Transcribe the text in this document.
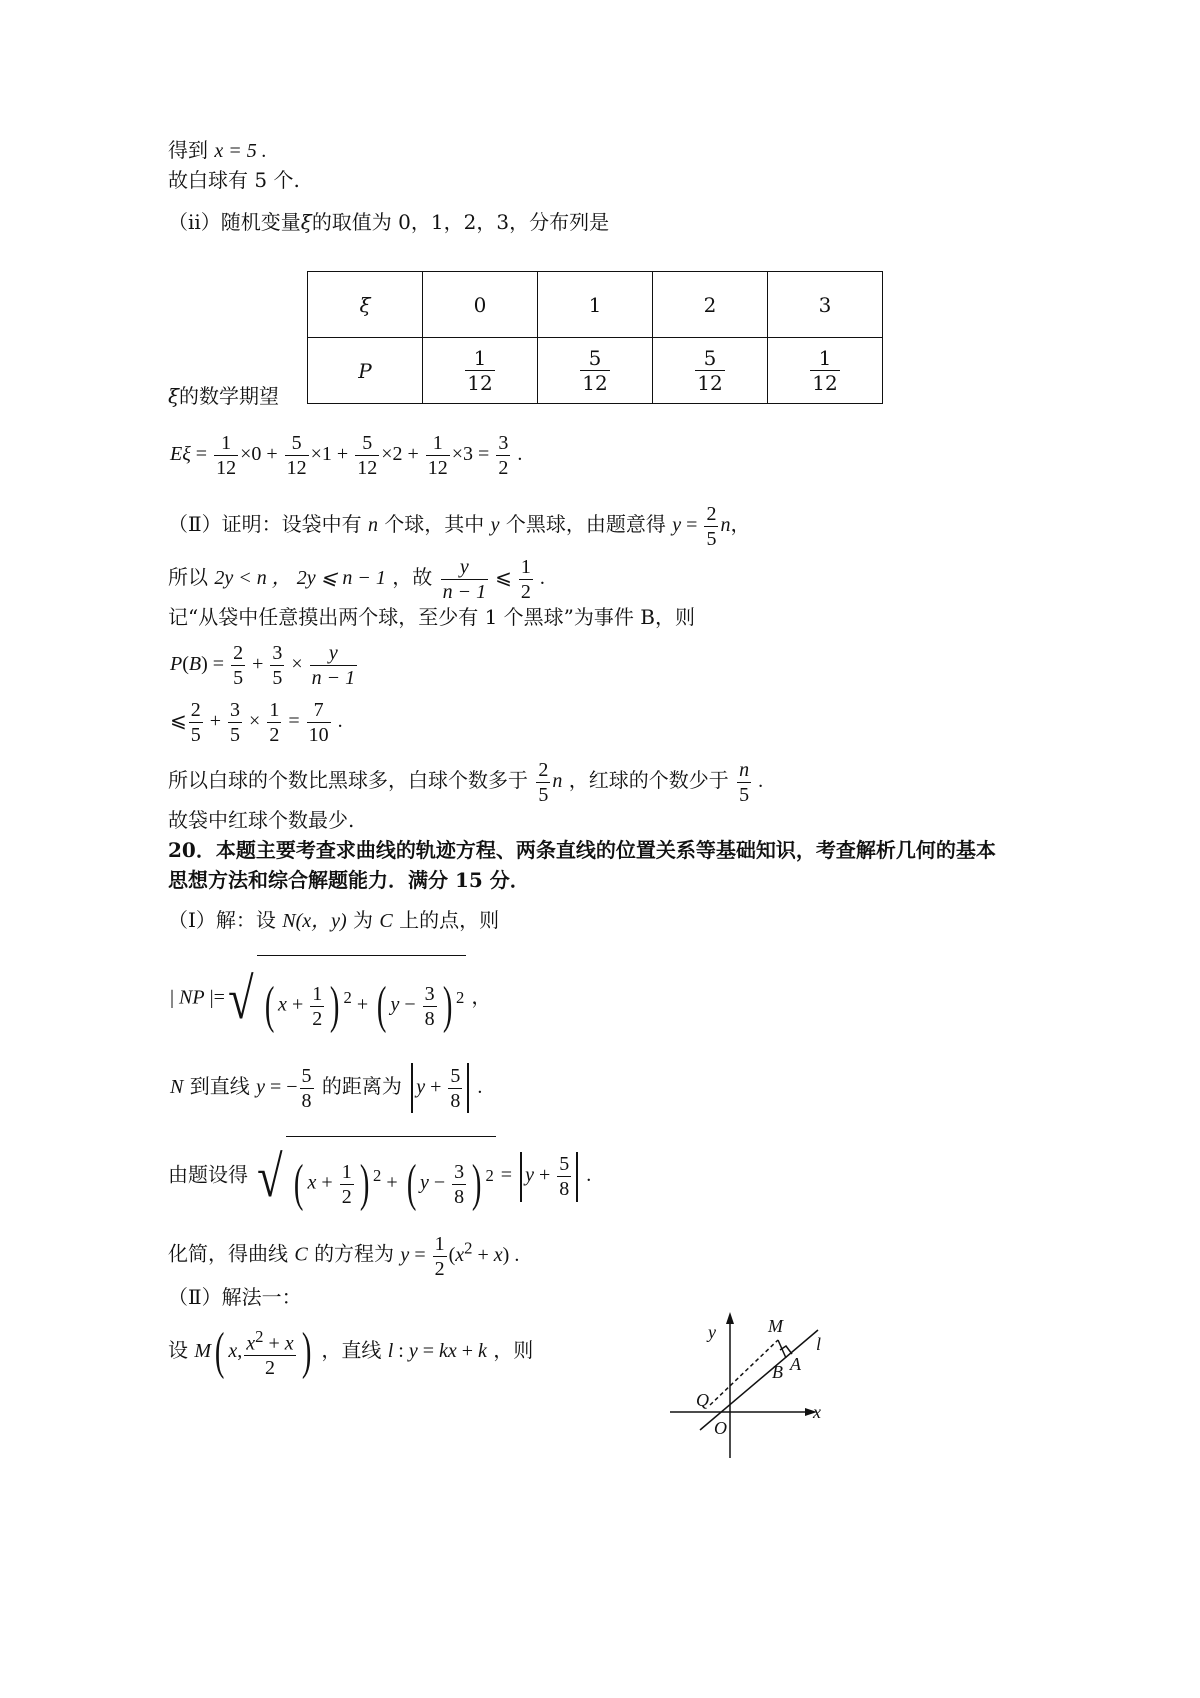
得到 x = 5 .
故白球有 5 个.
（ii）随机变量ξ的取值为 0，1，2，3，分布列是
ξ	0	1	2	3
P	$\frac{1}{12}$	$\frac{5}{12}$	$\frac{5}{12}$	$\frac{1}{12}$
ξ的数学期望
$E\xi = \frac{1}{12} \times 0 + \frac{5}{12} \times 1 + \frac{5}{12} \times 2 + \frac{1}{12} \times 3 = \frac{3}{2}$ .
（Ⅱ）证明：设袋中有 n 个球，其中 y 个黑球，由题意得 $y = \frac{2}{5}$ n，
所以 2y < n ， 2y ⩽ n − 1 ，故 $\frac{y}{n - 1}$ ⩽ $\frac{1}{2}$ .
记“从袋中任意摸出两个球，至少有 1 个黑球”为事件 B，则
$P(B) = \frac{2}{5} + \frac{3}{5} \times \frac{y}{n - 1}$
⩽ $\frac{2}{5} + \frac{3}{5} \times \frac{1}{2} = \frac{7}{10}$ .
所以白球的个数比黑球多，白球个数多于 $\frac{2}{5}$ n ，红球的个数少于 $\frac{n}{5}$ .
故袋中红球个数最少.
20．本题主要考查求曲线的轨迹方程、两条直线的位置关系等基础知识，考查解析几何的基本
思想方法和综合解题能力．满分 15 分．
（Ⅰ）解：设 N(x，y) 为 C 上的点，则
| NP |=√ ( $x + \frac{1}{2}$ ) $^2$ + ( $y - \frac{3}{8}$ ) $^2$ ，
N 到直线 y = − $\frac{5}{8}$ 的距离为 $y + \frac{5}{8}$ .
由题设得 √ ( $x + \frac{1}{2}$ ) $^2$ + ( $y - \frac{3}{8}$ ) $^2 = y + \frac{5}{8}$ .
化简，得曲线 C 的方程为 $y = \frac{1}{2} (x^2 + x)$ .
（Ⅱ）解法一：
设 M( x, $\frac{x^2 + x}{2}$ ) ，直线 l : y = kx + k ，则
y
x
M
l
A
B
Q
O
